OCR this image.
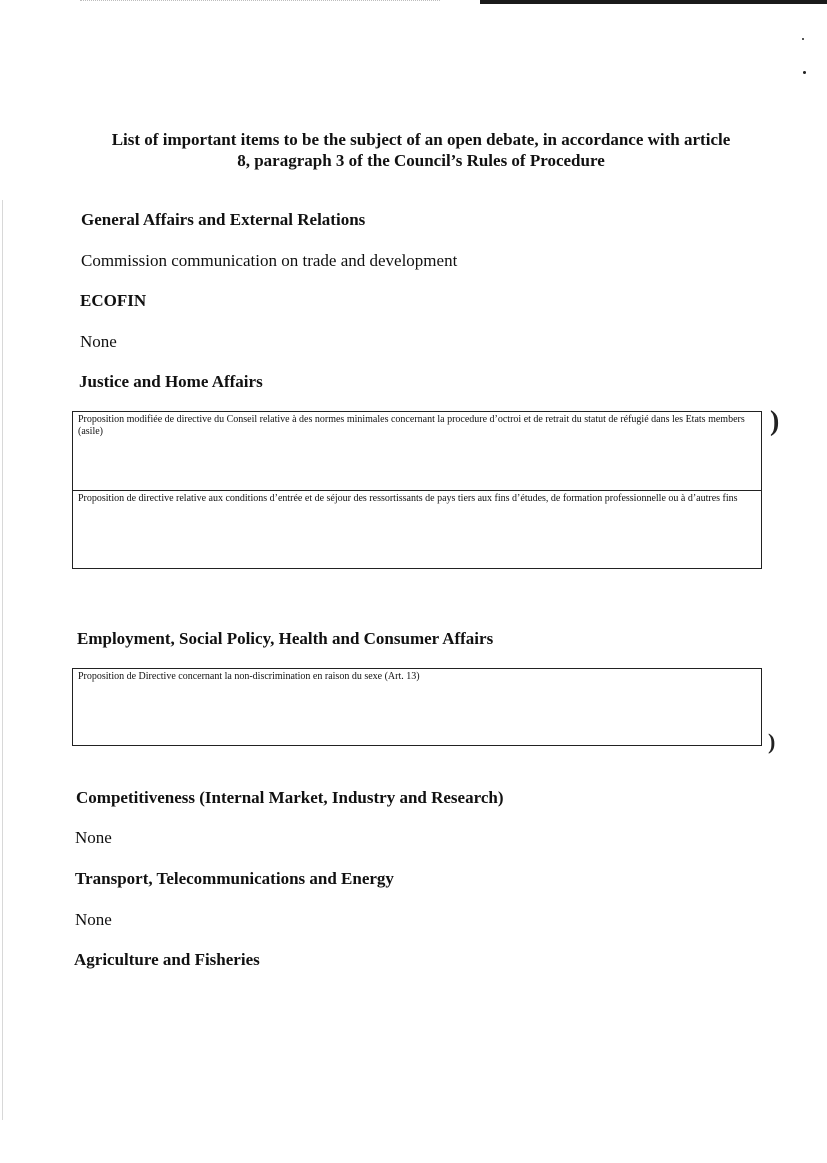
List of important items to be the subject of an open debate, in accordance with article
8, paragraph 3 of the Council’s Rules of Procedure
General Affairs and External Relations
Commission communication on trade and development
ECOFIN
None
Justice and Home Affairs
Proposition modifiée de directive du Conseil relative à des normes minimales concernant la procedure d’octroi et de retrait du statut de réfugié dans les Etats members (asile)
Proposition de directive relative aux conditions d’entrée et de séjour des ressortissants de pays tiers aux fins d’études, de formation professionnelle ou à d’autres fins
)
Employment, Social Policy, Health and Consumer Affairs
Proposition de Directive concernant la non-discrimination en raison du sexe (Art. 13)
)
Competitiveness (Internal Market, Industry and Research)
None
Transport, Telecommunications and Energy
None
Agriculture and Fisheries
